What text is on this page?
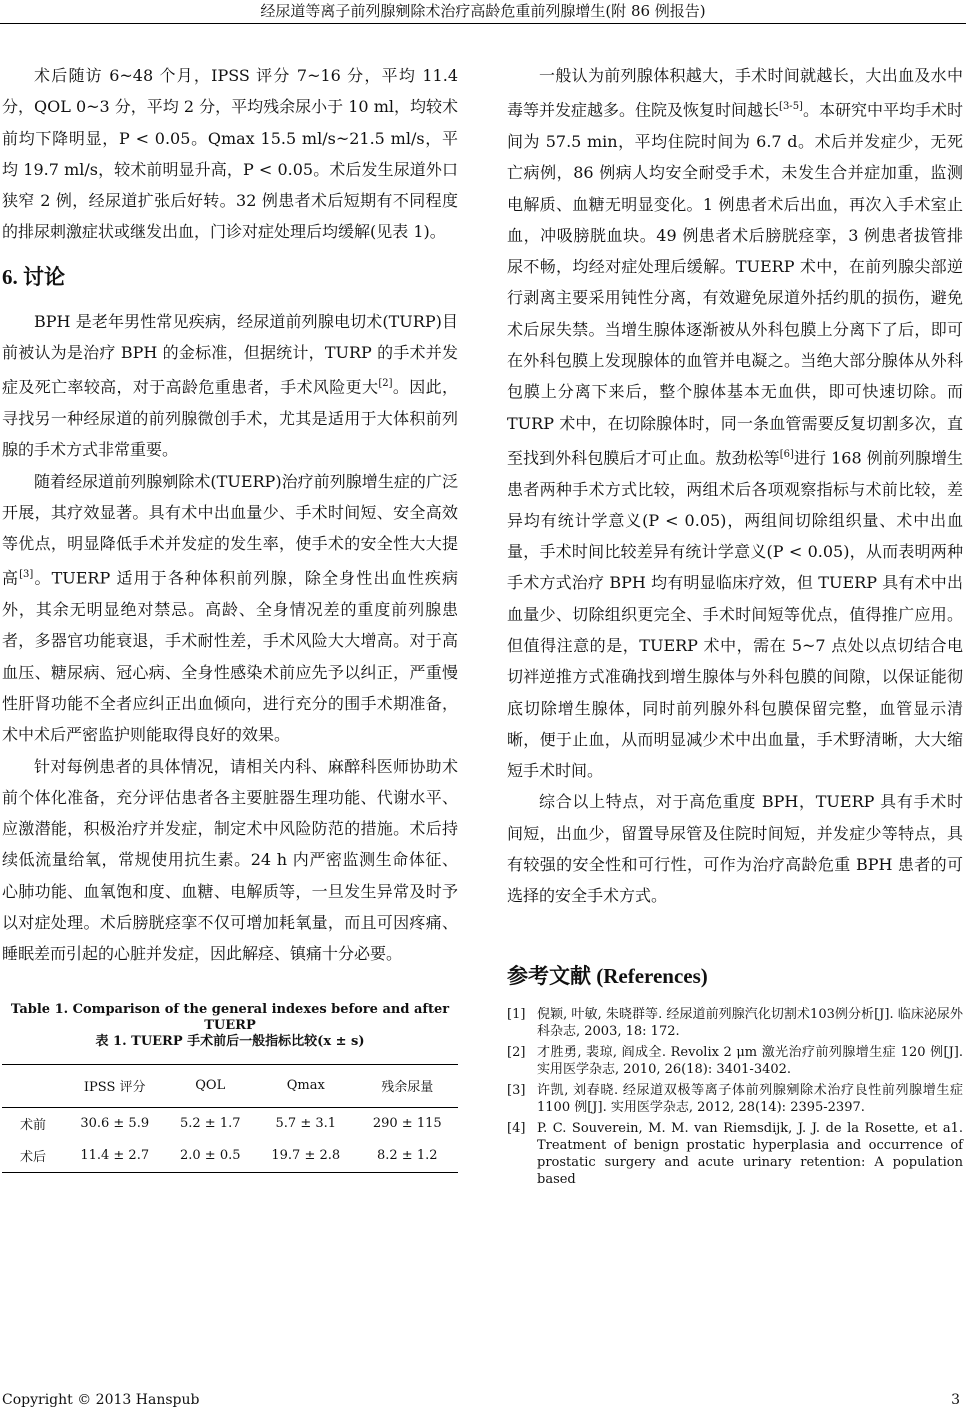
经尿道等离子前列腺剜除术治疗高龄危重前列腺增生(附 86 例报告)

术后随访 6~48 个月，IPSS 评分 7~16 分，平均 11.4 分，QOL 0~3 分，平均 2 分，平均残余尿小于 10 ml，均较术前均下降明显，P < 0.05。Qmax 15.5 ml/s~21.5 ml/s，平均 19.7 ml/s，较术前明显升高，P < 0.05。术后发生尿道外口狭窄 2 例，经尿道扩张后好转。32 例患者术后短期有不同程度的排尿刺激症状或继发出血，门诊对症处理后均缓解(见表 1)。

6. 讨论

BPH 是老年男性常见疾病，经尿道前列腺电切术(TURP)目前被认为是治疗 BPH 的金标准，但据统计，TURP 的手术并发症及死亡率较高，对于高龄危重患者，手术风险更大[2]。因此，寻找另一种经尿道的前列腺微创手术，尤其是适用于大体积前列腺的手术方式非常重要。

随着经尿道前列腺剜除术(TUERP)治疗前列腺增生症的广泛开展，其疗效显著。具有术中出血量少、手术时间短、安全高效等优点，明显降低手术并发症的发生率，使手术的安全性大大提高[3]。TUERP 适用于各种体积前列腺，除全身性出血性疾病外，其余无明显绝对禁忌。高龄、全身情况差的重度前列腺患者，多器官功能衰退，手术耐性差，手术风险大大增高。对于高血压、糖尿病、冠心病、全身性感染术前应先予以纠正，严重慢性肝肾功能不全者应纠正出血倾向，进行充分的围手术期准备，术中术后严密监护则能取得良好的效果。

针对每例患者的具体情况，请相关内科、麻醉科医师协助术前个体化准备，充分评估患者各主要脏器生理功能、代谢水平、应激潜能，积极治疗并发症，制定术中风险防范的措施。术后持续低流量给氧，常规使用抗生素。24 h 内严密监测生命体征、心肺功能、血氧饱和度、血糖、电解质等，一旦发生异常及时予以对症处理。术后膀胱痉挛不仅可增加耗氧量，而且可因疼痛、睡眠差而引起的心脏并发症，因此解痉、镇痛十分必要。

Table 1. Comparison of the general indexes before and after TUERP
表 1. TUERP 手术前后一般指标比较(x ± s)
	IPSS 评分	QOL	Qmax	残余尿量
术前	30.6 ± 5.9	5.2 ± 1.7	5.7 ± 3.1	290 ± 115
术后	11.4 ± 2.7	2.0 ± 0.5	19.7 ± 2.8	8.2 ± 1.2

一般认为前列腺体积越大，手术时间就越长，大出血及水中毒等并发症越多。住院及恢复时间越长[3-5]。本研究中平均手术时间为 57.5 min，平均住院时间为 6.7 d。术后并发症少，无死亡病例，86 例病人均安全耐受手术，未发生合并症加重，监测电解质、血糖无明显变化。1 例患者术后出血，再次入手术室止血，冲吸膀胱血块。49 例患者术后膀胱痉挛，3 例患者拔管排尿不畅，均经对症处理后缓解。TUERP 术中，在前列腺尖部逆行剥离主要采用钝性分离，有效避免尿道外括约肌的损伤，避免术后尿失禁。当增生腺体逐渐被从外科包膜上分离下了后，即可在外科包膜上发现腺体的血管并电凝之。当绝大部分腺体从外科包膜上分离下来后，整个腺体基本无血供，即可快速切除。而 TURP 术中，在切除腺体时，同一条血管需要反复切割多次，直至找到外科包膜后才可止血。敖劲松等[6]进行 168 例前列腺增生患者两种手术方式比较，两组术后各项观察指标与术前比较，差异均有统计学意义(P < 0.05)，两组间切除组织量、术中出血量，手术时间比较差异有统计学意义(P < 0.05)，从而表明两种手术方式治疗 BPH 均有明显临床疗效，但 TUERP 具有术中出血量少、切除组织更完全、手术时间短等优点，值得推广应用。但值得注意的是，TUERP 术中，需在 5~7 点处以点切结合电切袢逆推方式准确找到增生腺体与外科包膜的间隙，以保证能彻底切除增生腺体，同时前列腺外科包膜保留完整，血管显示清晰，便于止血，从而明显减少术中出血量，手术野清晰，大大缩短手术时间。

综合以上特点，对于高危重度 BPH，TUERP 具有手术时间短，出血少，留置导尿管及住院时间短，并发症少等特点，具有较强的安全性和可行性，可作为治疗高龄危重 BPH 患者的可选择的安全手术方式。

参考文献 (References)
[1] 倪颖, 叶敏, 朱晓群等. 经尿道前列腺汽化切割术103例分析[J]. 临床泌尿外科杂志, 2003, 18: 172.
[2] 才胜勇, 裴琼, 阎成全. Revolix 2 μm 激光治疗前列腺增生症 120 例[J]. 实用医学杂志, 2010, 26(18): 3401-3402.
[3] 许凯, 刘春晓. 经尿道双极等离子体前列腺剜除术治疗良性前列腺增生症 1100 例[J]. 实用医学杂志, 2012, 28(14): 2395-2397.
[4] P. C. Souverein, M. M. van Riemsdijk, J. J. de la Rosette, et a1. Treatment of benign prostatic hyperplasia and occurrence of prostatic surgery and acute urinary retention: A population based
Copyright © 2013 Hanspub	3
